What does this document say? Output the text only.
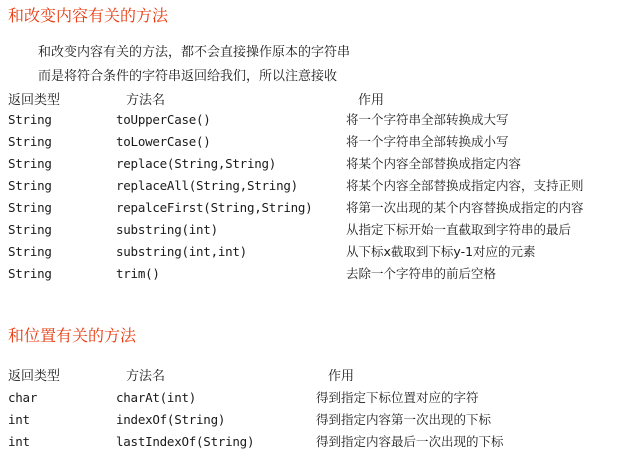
和改变内容有关的方法
和改变内容有关的方法，都不会直接操作原本的字符串
而是将符合条件的字符串返回给我们，所以注意接收
返回类型	方法名	作用
String	toUpperCase()	将一个字符串全部转换成大写
String	toLowerCase()	将一个字符串全部转换成小写
String	replace(String,String)	将某个内容全部替换成指定内容
String	replaceAll(String,String)	将某个内容全部替换成指定内容，支持正则
String	repalceFirst(String,String)	将第一次出现的某个内容替换成指定的内容
String	substring(int)	从指定下标开始一直截取到字符串的最后
String	substring(int,int)	从下标x截取到下标y-1对应的元素
String	trim()	去除一个字符串的前后空格
和位置有关的方法
返回类型	方法名	作用
char	charAt(int)	得到指定下标位置对应的字符
int	indexOf(String)	得到指定内容第一次出现的下标
int	lastIndexOf(String)	得到指定内容最后一次出现的下标
